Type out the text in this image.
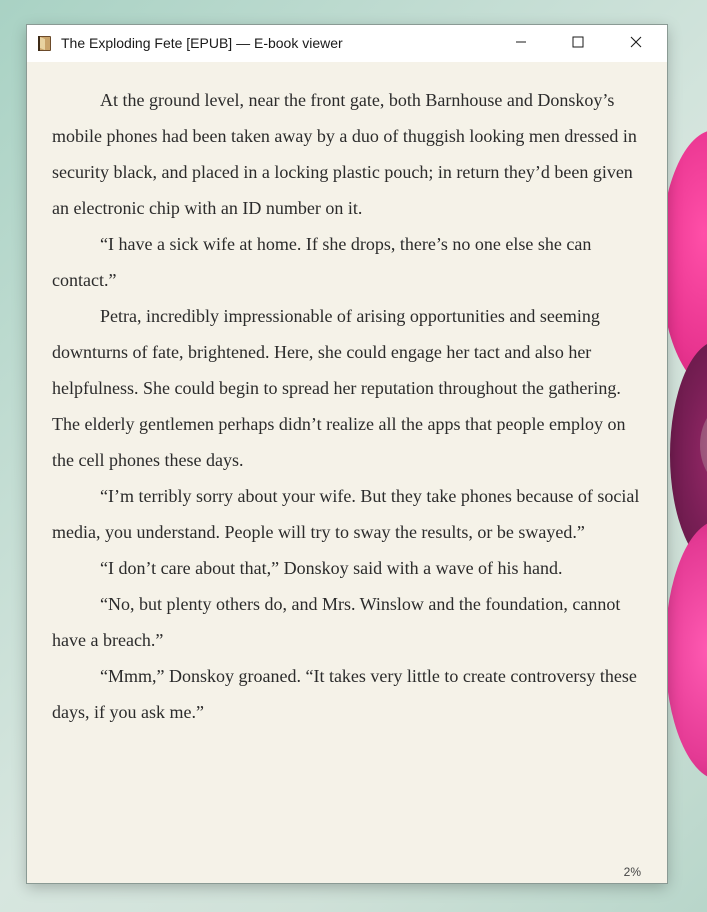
The Exploding Fete [EPUB] — E-book viewer

At the ground level, near the front gate, both Barnhouse and Donskoy’s mobile phones had been taken away by a duo of thuggish looking men dressed in security black, and placed in a locking plastic pouch; in return they’d been given an electronic chip with an ID number on it.

“I have a sick wife at home. If she drops, there’s no one else she can contact.”

Petra, incredibly impressionable of arising opportunities and seeming downturns of fate, brightened. Here, she could engage her tact and also her helpfulness. She could begin to spread her reputation throughout the gathering. The elderly gentlemen perhaps didn’t realize all the apps that people employ on the cell phones these days.

“I’m terribly sorry about your wife. But they take phones because of social media, you understand. People will try to sway the results, or be swayed.”

“I don’t care about that,” Donskoy said with a wave of his hand.

“No, but plenty others do, and Mrs. Winslow and the foundation, cannot have a breach.”

“Mmm,” Donskoy groaned. “It takes very little to create controversy these days, if you ask me.”

2%
